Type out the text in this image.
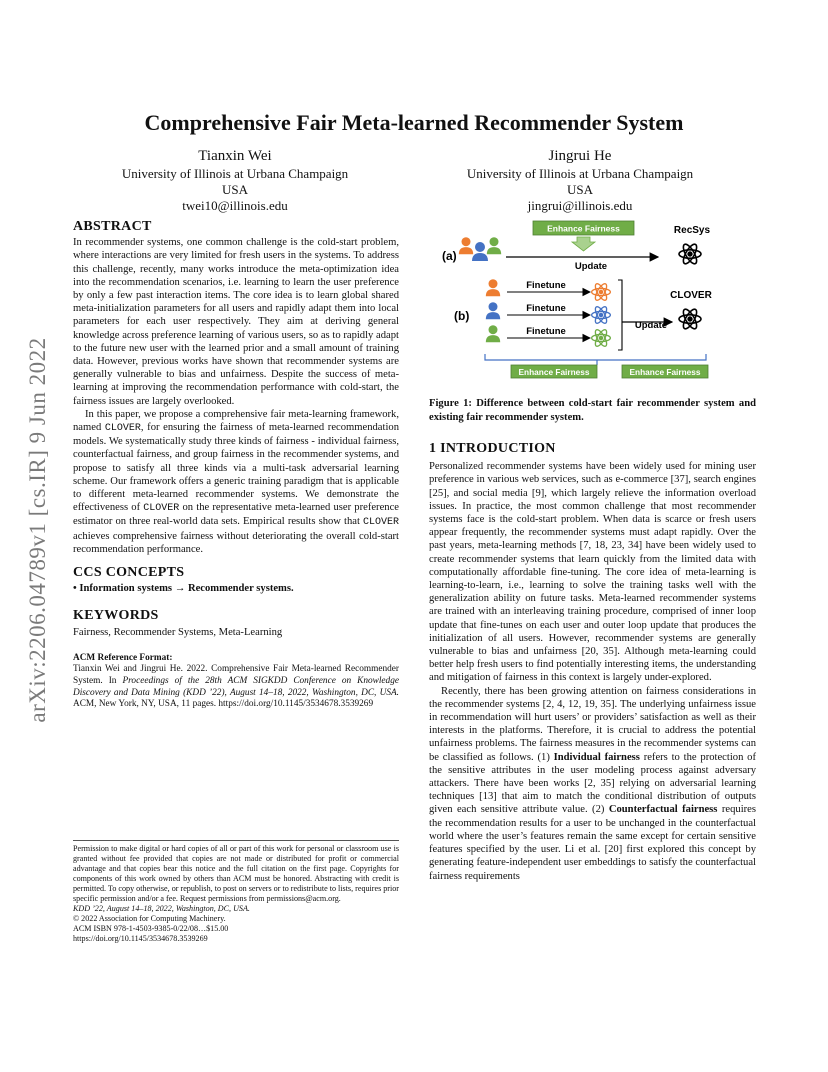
arXiv:2206.04789v1 [cs.IR] 9 Jun 2022
Comprehensive Fair Meta-learned Recommender System
Tianxin Wei
University of Illinois at Urbana Champaign
USA
twei10@illinois.edu
Jingrui He
University of Illinois at Urbana Champaign
USA
jingrui@illinois.edu
ABSTRACT

In recommender systems, one common challenge is the cold-start problem, where interactions are very limited for fresh users in the systems. To address this challenge, recently, many works introduce the meta-optimization idea into the recommendation scenarios, i.e. learning to learn the user preference by only a few past interaction items. The core idea is to learn global shared meta-initialization parameters for all users and rapidly adapt them into local parameters for each user respectively. They aim at deriving general knowledge across preference learning of various users, so as to rapidly adapt to the future new user with the learned prior and a small amount of training data. However, previous works have shown that recommender systems are generally vulnerable to bias and unfairness. Despite the success of meta-learning at improving the recommendation performance with cold-start, the fairness issues are largely overlooked.

In this paper, we propose a comprehensive fair meta-learning framework, named CLOVER, for ensuring the fairness of meta-learned recommendation models. We systematically study three kinds of fairness - individual fairness, counterfactual fairness, and group fairness in the recommender systems, and propose to satisfy all three kinds via a multi-task adversarial learning scheme. Our framework offers a generic training paradigm that is applicable to different meta-learned recommender systems. We demonstrate the effectiveness of CLOVER on the representative meta-learned user preference estimator on three real-world data sets. Empirical results show that CLOVER achieves comprehensive fairness without deteriorating the overall cold-start recommendation performance.

CCS CONCEPTS

• Information systems → Recommender systems.

KEYWORDS

Fairness, Recommender Systems, Meta-Learning

ACM Reference Format:
Tianxin Wei and Jingrui He. 2022. Comprehensive Fair Meta-learned Recommender System. In Proceedings of the 28th ACM SIGKDD Conference on Knowledge Discovery and Data Mining (KDD ’22), August 14–18, 2022, Washington, DC, USA. ACM, New York, NY, USA, 11 pages. https://doi.org/10.1145/3534678.3539269
Permission to make digital or hard copies of all or part of this work for personal or classroom use is granted without fee provided that copies are not made or distributed for profit or commercial advantage and that copies bear this notice and the full citation on the first page. Copyrights for components of this work owned by others than ACM must be honored. Abstracting with credit is permitted. To copy otherwise, or republish, to post on servers or to redistribute to lists, requires prior specific permission and/or a fee. Request permissions from permissions@acm.org.
KDD ’22, August 14–18, 2022, Washington, DC, USA.
© 2022 Association for Computing Machinery.
ACM ISBN 978-1-4503-9385-0/22/08…$15.00
https://doi.org/10.1145/3534678.3539269
(a)
Enhance Fairness
Update
RecSys
(b)
Finetune
Finetune
Finetune
Update
CLOVER
Enhance Fairness	Enhance Fairness
Figure 1: Difference between cold-start fair recommender system and existing fair recommender system.
1 INTRODUCTION

Personalized recommender systems have been widely used for mining user preference in various web services, such as e-commerce [37], search engines [25], and social media [9], which largely relieve the information overload issues. In practice, the most common challenge that most recommender systems face is the cold-start problem. When data is scarce or fresh users appear frequently, the recommender systems must adapt rapidly. Over the past years, meta-learning methods [7, 18, 23, 34] have been widely used to create recommender systems that learn quickly from the limited data with computationally affordable fine-tuning. The core idea of meta-learning is learning-to-learn, i.e., learning to solve the training tasks well with the generalization ability on future tasks. Meta-learned recommender systems are trained with an interleaving training procedure, comprised of inner loop update that fine-tunes on each user and outer loop update that produces the initialization of all users. However, recommender systems are generally vulnerable to bias and unfairness [20, 35]. Although meta-learning could better help fresh users to find potentially interesting items, the understanding and mitigation of fairness in this context is largely under-explored.

Recently, there has been growing attention on fairness considerations in the recommender systems [2, 4, 12, 19, 35]. The underlying unfairness issue in recommendation will hurt users’ or providers’ satisfaction as well as their interests in the platforms. Therefore, it is crucial to address the potential unfairness problems. The fairness measures in the recommender systems can be classified as follows. (1) Individual fairness refers to the protection of the sensitive attributes in the user modeling process against adversary attackers. There have been works [2, 35] relying on adversarial learning techniques [13] that aim to match the conditional distribution of outputs given each sensitive attribute value. (2) Counterfactual fairness requires the recommendation results for a user to be unchanged in the counterfactual world where the user’s features remain the same except for certain sensitive features specified by the user. Li et al. [20] first explored this concept by generating feature-independent user embeddings to satisfy the counterfactual fairness requirements
